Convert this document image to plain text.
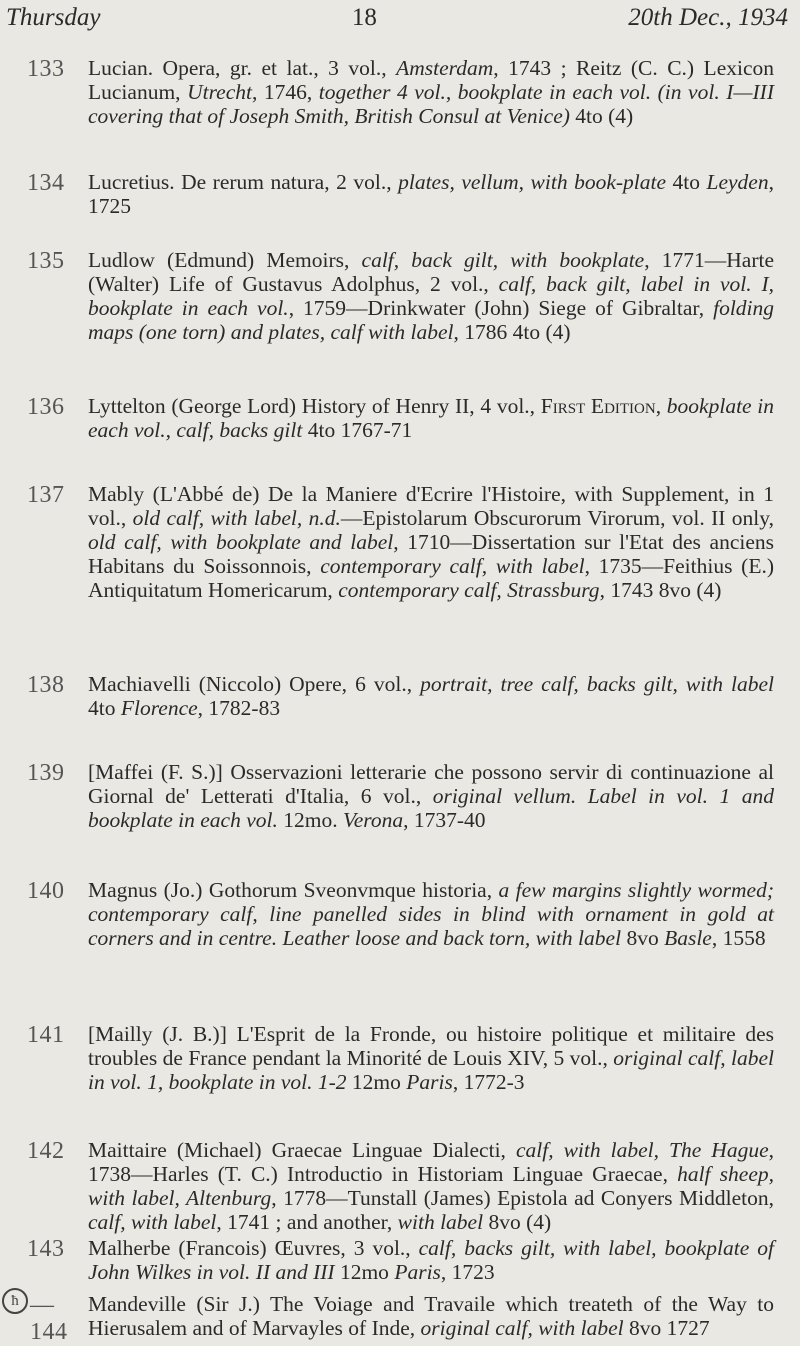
Thursday	18	20th Dec., 1934
133 Lucian. Opera, gr. et lat., 3 vol., Amsterdam, 1743 ; Reitz (C. C.) Lexicon Lucianum, Utrecht, 1746, together 4 vol., bookplate in each vol. (in vol. I—III covering that of Joseph Smith, British Consul at Venice) 4to (4)
134 Lucretius. De rerum natura, 2 vol., plates, vellum, with book-plate 4to Leyden, 1725
135 Ludlow (Edmund) Memoirs, calf, back gilt, with bookplate, 1771—Harte (Walter) Life of Gustavus Adolphus, 2 vol., calf, back gilt, label in vol. I, bookplate in each vol., 1759—Drinkwater (John) Siege of Gibraltar, folding maps (one torn) and plates, calf with label, 1786 4to (4)
136 Lyttelton (George Lord) History of Henry II, 4 vol., First Edition, bookplate in each vol., calf, backs gilt 4to 1767-71
137 Mably (L'Abbé de) De la Maniere d'Ecrire l'Histoire, with Supplement, in 1 vol., old calf, with label, n.d.—Epistolarum Obscurorum Virorum, vol. II only, old calf, with bookplate and label, 1710—Dissertation sur l'Etat des anciens Habitans du Soissonnois, contemporary calf, with label, 1735—Feithius (E.) Antiquitatum Homericarum, contemporary calf, Strassburg, 1743 8vo (4)
138 Machiavelli (Niccolo) Opere, 6 vol., portrait, tree calf, backs gilt, with label 4to Florence, 1782-83
139 [Maffei (F. S.)] Osservazioni letterarie che possono servir di continuazione al Giornal de' Letterati d'Italia, 6 vol., original vellum. Label in vol. 1 and bookplate in each vol. 12mo. Verona, 1737-40
140 Magnus (Jo.) Gothorum Sveonvmque historia, a few margins slightly wormed; contemporary calf, line panelled sides in blind with ornament in gold at corners and in centre. Leather loose and back torn, with label 8vo Basle, 1558
141 [Mailly (J. B.)] L'Esprit de la Fronde, ou histoire politique et militaire des troubles de France pendant la Minorité de Louis XIV, 5 vol., original calf, label in vol. 1, bookplate in vol. 1-2 12mo Paris, 1772-3
142 Maittaire (Michael) Graecae Linguae Dialecti, calf, with label, The Hague, 1738—Harles (T. C.) Introductio in Historiam Linguae Graecae, half sheep, with label, Altenburg, 1778—Tunstall (James) Epistola ad Conyers Middleton, calf, with label, 1741 ; and another, with label 8vo (4)
143 Malherbe (Francois) Œuvres, 3 vol., calf, backs gilt, with label, bookplate of John Wilkes in vol. II and III 12mo Paris, 1723
ħ —144
Mandeville (Sir J.) The Voiage and Travaile which treateth of the Way to Hierusalem and of Marvayles of Inde, original calf, with label 8vo 1727
